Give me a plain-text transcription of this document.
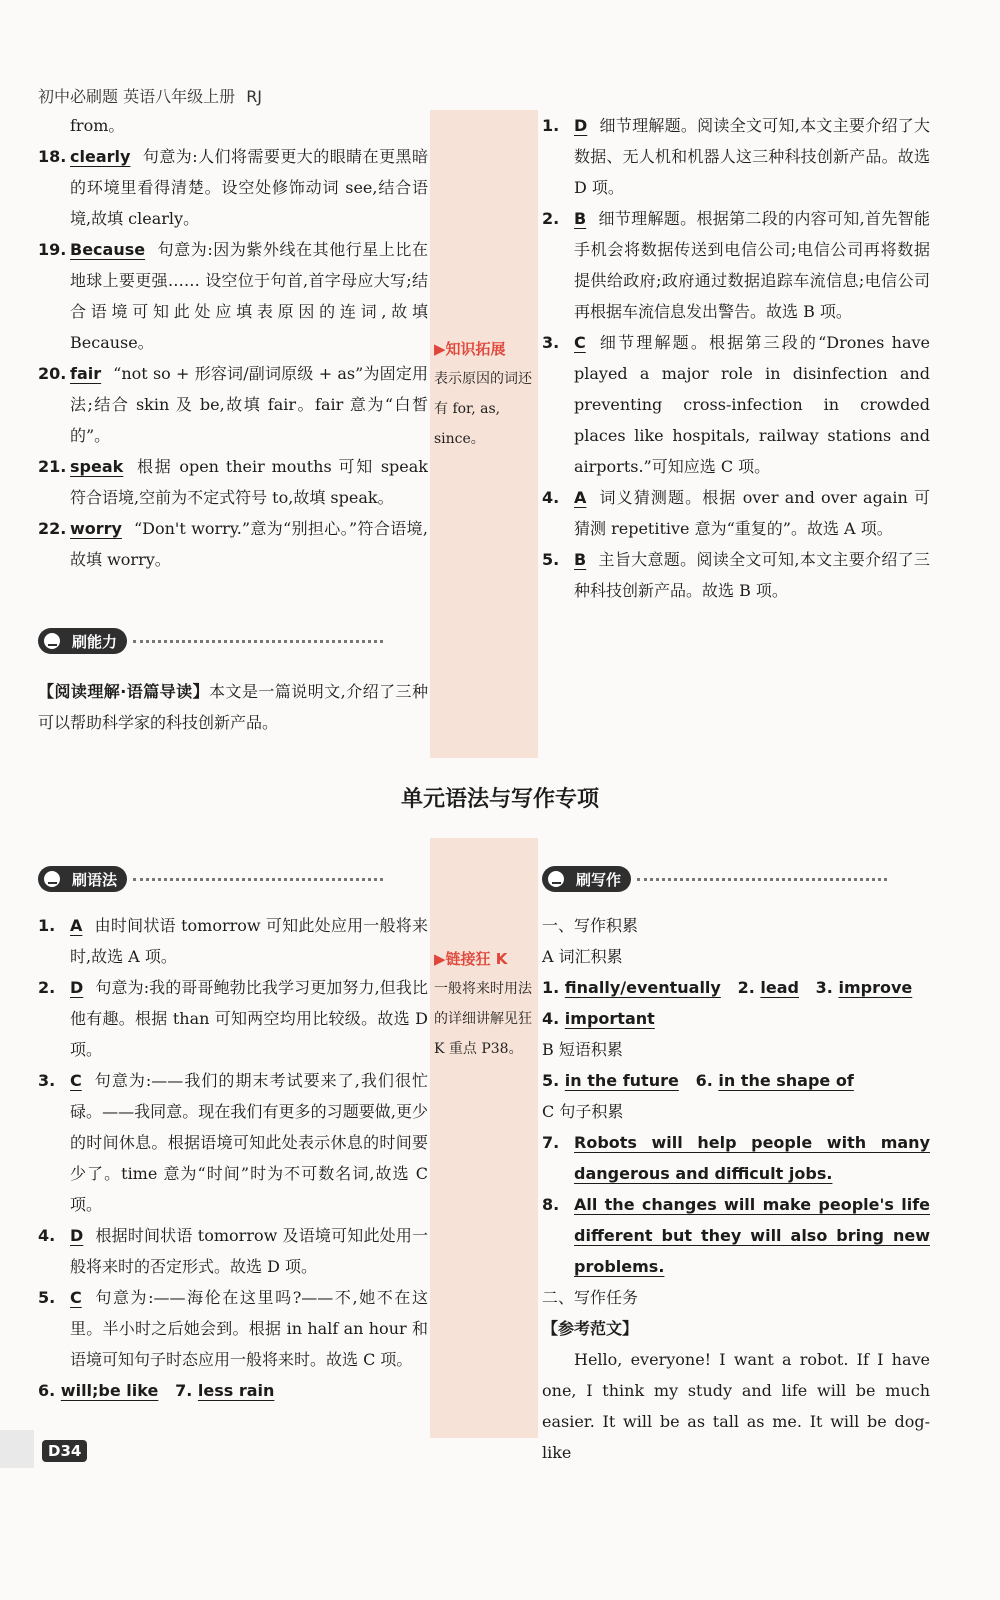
初中必刷题 英语八年级上册 RJ
▶知识拓展
表示原因的词还有 for, as, since。
▶链接狂 K
一般将来时用法的详细讲解见狂 K 重点 P38。

from。

18. clearly 句意为:人们将需要更大的眼睛在更黑暗的环境里看得清楚。设空处修饰动词 see,结合语境,故填 clearly。
19. Because 句意为:因为紫外线在其他行星上比在地球上要更强…… 设空位于句首,首字母应大写;结合语境可知此处应填表原因的连词,故填 Because。
20. fair “not so + 形容词/副词原级 + as”为固定用法;结合 skin 及 be,故填 fair。fair 意为“白皙的”。
21. speak 根据 open their mouths 可知 speak 符合语境,空前为不定式符号 to,故填 speak。
22. worry “Don't worry.”意为“别担心。”符合语境,故填 worry。
刷能力

【阅读理解·语篇导读】本文是一篇说明文,介绍了三种可以帮助科学家的科技创新产品。

1. D 细节理解题。阅读全文可知,本文主要介绍了大数据、无人机和机器人这三种科技创新产品。故选 D 项。
2. B 细节理解题。根据第二段的内容可知,首先智能手机会将数据传送到电信公司;电信公司再将数据提供给政府;政府通过数据追踪车流信息;电信公司再根据车流信息发出警告。故选 B 项。
3. C 细节理解题。根据第三段的“Drones have played a major role in disinfection and preventing cross-infection in crowded places like hospitals, railway stations and airports.”可知应选 C 项。
4. A 词义猜测题。根据 over and over again 可猜测 repetitive 意为“重复的”。故选 A 项。
5. B 主旨大意题。阅读全文可知,本文主要介绍了三种科技创新产品。故选 B 项。
单元语法与写作专项
刷语法
1. A 由时间状语 tomorrow 可知此处应用一般将来时,故选 A 项。
2. D 句意为:我的哥哥鲍勃比我学习更加努力,但我比他有趣。根据 than 可知两空均用比较级。故选 D 项。
3. C 句意为:——我们的期末考试要来了,我们很忙碌。——我同意。现在我们有更多的习题要做,更少的时间休息。根据语境可知此处表示休息的时间要少了。time 意为“时间”时为不可数名词,故选 C 项。
4. D 根据时间状语 tomorrow 及语境可知此处用一般将来时的否定形式。故选 D 项。
5. C 句意为:——海伦在这里吗?——不,她不在这里。半小时之后她会到。根据 in half an hour 和语境可知句子时态应用一般将来时。故选 C 项。

6. will;be like 7. less rain

刷写作

一、写作积累

A 词汇积累

1. finally/eventually 2. lead 3. improve

4. important

B 短语积累

5. in the future 6. in the shape of

C 句子积累

7. Robots will help people with many dangerous and difficult jobs.
8. All the changes will make people's life different but they will also bring new problems.

二、写作任务

【参考范文】

Hello, everyone! I want a robot. If I have one, I think my study and life will be much easier. It will be as tall as me. It will be dog-like

D34
